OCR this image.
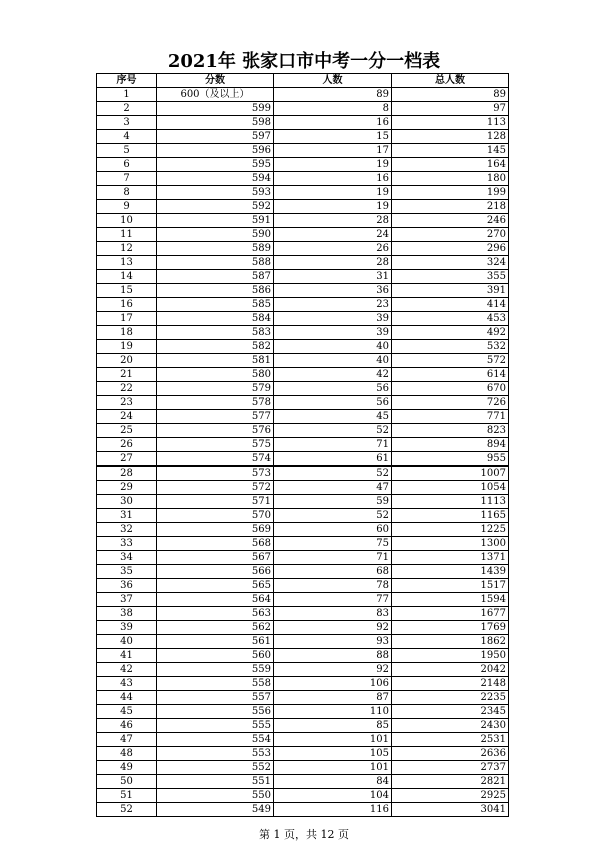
2021年 张家口市中考一分一档表
序号	分数	人数	总人数
1	600（及以上）	89	89
2	599	8	97
3	598	16	113
4	597	15	128
5	596	17	145
6	595	19	164
7	594	16	180
8	593	19	199
9	592	19	218
10	591	28	246
11	590	24	270
12	589	26	296
13	588	28	324
14	587	31	355
15	586	36	391
16	585	23	414
17	584	39	453
18	583	39	492
19	582	40	532
20	581	40	572
21	580	42	614
22	579	56	670
23	578	56	726
24	577	45	771
25	576	52	823
26	575	71	894
27	574	61	955
28	573	52	1007
29	572	47	1054
30	571	59	1113
31	570	52	1165
32	569	60	1225
33	568	75	1300
34	567	71	1371
35	566	68	1439
36	565	78	1517
37	564	77	1594
38	563	83	1677
39	562	92	1769
40	561	93	1862
41	560	88	1950
42	559	92	2042
43	558	106	2148
44	557	87	2235
45	556	110	2345
46	555	85	2430
47	554	101	2531
48	553	105	2636
49	552	101	2737
50	551	84	2821
51	550	104	2925
52	549	116	3041
第 1 页，共 12 页
